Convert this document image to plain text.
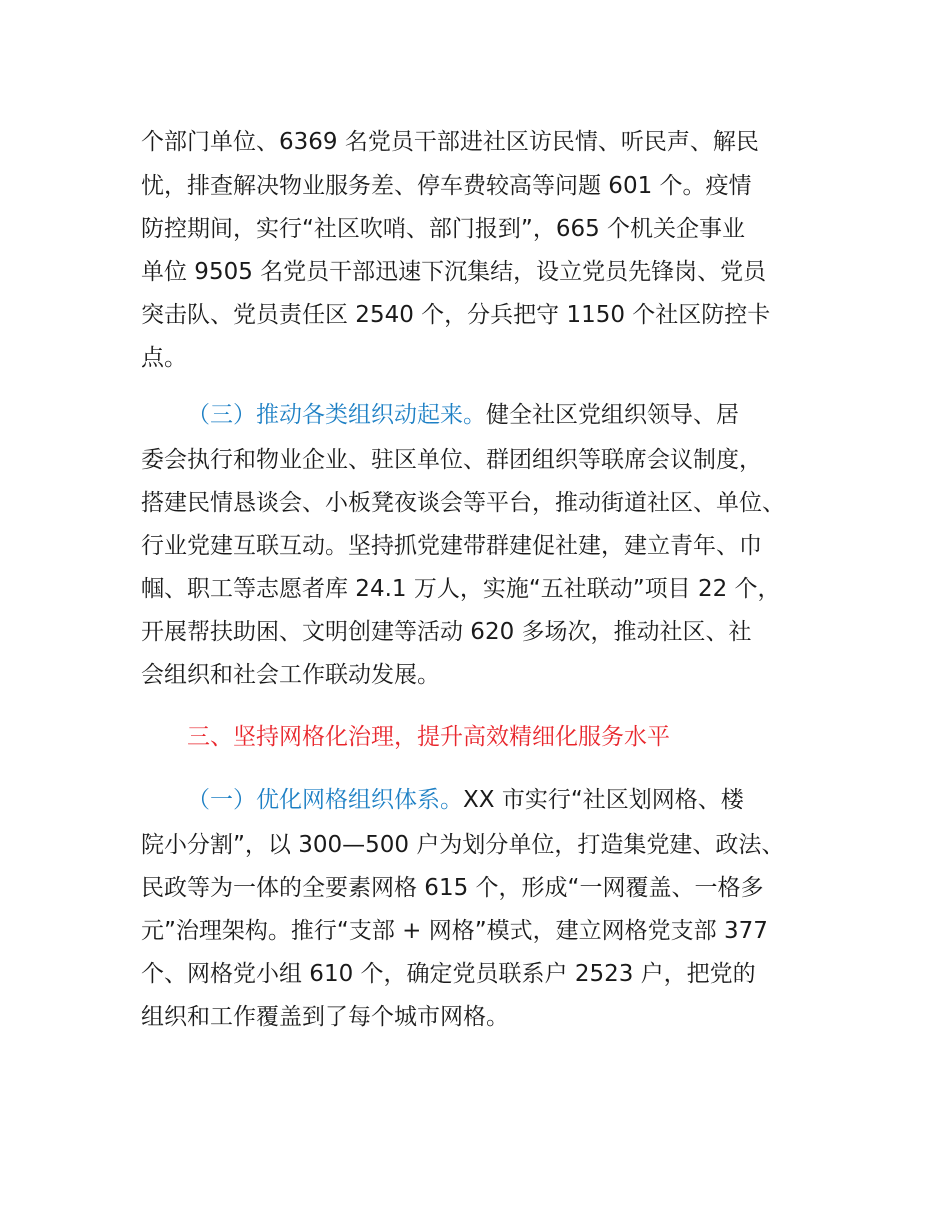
个部门单位、6369 名党员干部进社区访民情、听民声、解民
忧，排查解决物业服务差、停车费较高等问题 601 个。疫情
防控期间，实行“社区吹哨、部门报到”，665 个机关企事业
单位 9505 名党员干部迅速下沉集结，设立党员先锋岗、党员
突击队、党员责任区 2540 个，分兵把守 1150 个社区防控卡
点。
（三）推动各类组织动起来。健全社区党组织领导、居
委会执行和物业企业、驻区单位、群团组织等联席会议制度，
搭建民情恳谈会、小板凳夜谈会等平台，推动街道社区、单位、
行业党建互联互动。坚持抓党建带群建促社建，建立青年、巾
帼、职工等志愿者库 24.1 万人，实施“五社联动”项目 22 个，
开展帮扶助困、文明创建等活动 620 多场次，推动社区、社
会组织和社会工作联动发展。
三、坚持网格化治理，提升高效精细化服务水平
（一）优化网格组织体系。XX 市实行“社区划网格、楼
院小分割”，以 300—500 户为划分单位，打造集党建、政法、
民政等为一体的全要素网格 615 个，形成“一网覆盖、一格多
元”治理架构。推行“支部 + 网格”模式，建立网格党支部 377
个、网格党小组 610 个，确定党员联系户 2523 户，把党的
组织和工作覆盖到了每个城市网格。
